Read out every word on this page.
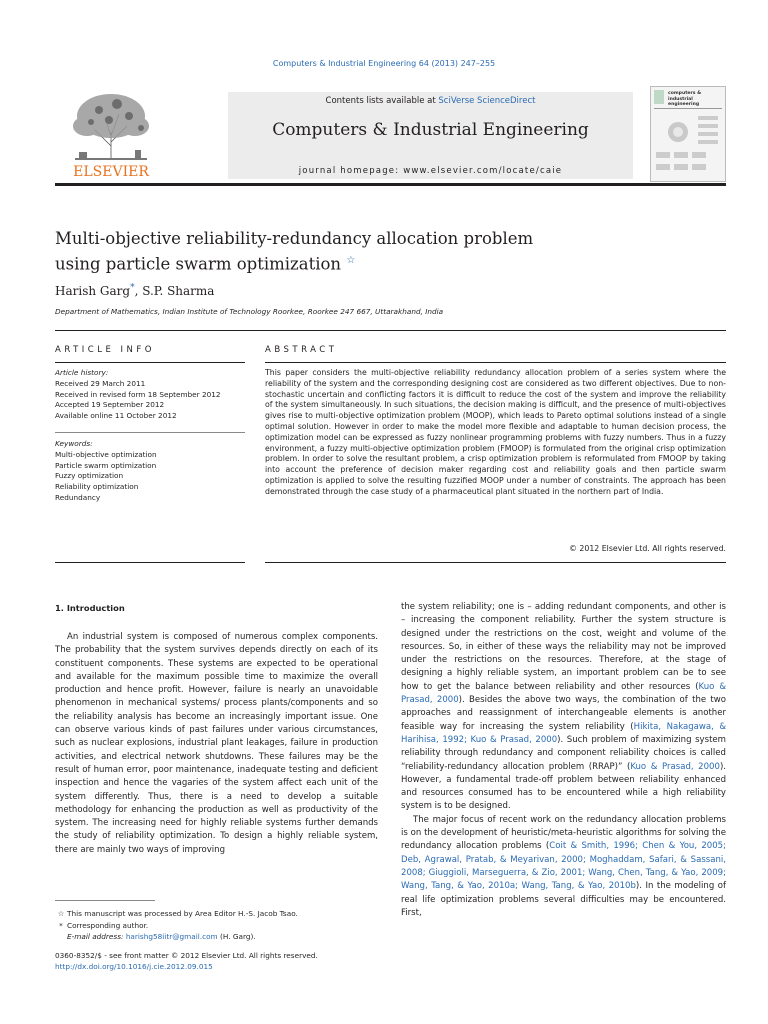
Computers & Industrial Engineering 64 (2013) 247–255
ELSEVIER
Contents lists available at SciVerse ScienceDirect
Computers & Industrial Engineering
journal homepage: www.elsevier.com/locate/caie
computers & industrial engineering
Multi-objective reliability-redundancy allocation problem
using particle swarm optimization ☆
Harish Garg*, S.P. Sharma
Department of Mathematics, Indian Institute of Technology Roorkee, Roorkee 247 667, Uttarakhand, India
ARTICLE INFO
Article history:
Received 29 March 2011
Received in revised form 18 September 2012
Accepted 19 September 2012
Available online 11 October 2012
Keywords:
Multi-objective optimization
Particle swarm optimization
Fuzzy optimization
Reliability optimization
Redundancy
ABSTRACT
This paper considers the multi-objective reliability redundancy allocation problem of a series system where the reliability of the system and the corresponding designing cost are considered as two different objectives. Due to non-stochastic uncertain and conflicting factors it is difficult to reduce the cost of the system and improve the reliability of the system simultaneously. In such situations, the decision making is difficult, and the presence of multi-objectives gives rise to multi-objective optimization problem (MOOP), which leads to Pareto optimal solutions instead of a single optimal solution. However in order to make the model more flexible and adaptable to human decision process, the optimization model can be expressed as fuzzy nonlinear programming problems with fuzzy numbers. Thus in a fuzzy environment, a fuzzy multi-objective optimization problem (FMOOP) is formulated from the original crisp optimization problem. In order to solve the resultant problem, a crisp optimization problem is reformulated from FMOOP by taking into account the preference of decision maker regarding cost and reliability goals and then particle swarm optimization is applied to solve the resulting fuzzified MOOP under a number of constraints. The approach has been demonstrated through the case study of a pharmaceutical plant situated in the northern part of India.
© 2012 Elsevier Ltd. All rights reserved.
1. Introduction

An industrial system is composed of numerous complex components. The probability that the system survives depends directly on each of its constituent components. These systems are expected to be operational and available for the maximum possible time to maximize the overall production and hence profit. However, failure is nearly an unavoidable phenomenon in mechanical systems/ process plants/components and so the reliability analysis has become an increasingly important issue. One can observe various kinds of past failures under various circumstances, such as nuclear explosions, industrial plant leakages, failure in production activities, and electrical network shutdowns. These failures may be the result of human error, poor maintenance, inadequate testing and deficient inspection and hence the vagaries of the system affect each unit of the system differently. Thus, there is a need to develop a suitable methodology for enhancing the production as well as productivity of the system. The increasing need for highly reliable systems further demands the study of reliability optimization. To design a highly reliable system, there are mainly two ways of improving

the system reliability; one is – adding redundant components, and other is – increasing the component reliability. Further the system structure is designed under the restrictions on the cost, weight and volume of the resources. So, in either of these ways the reliability may not be improved under the restrictions on the resources. Therefore, at the stage of designing a highly reliable system, an important problem can be to see how to get the balance between reliability and other resources (Kuo & Prasad, 2000). Besides the above two ways, the combination of the two approaches and reassignment of interchangeable elements is another feasible way for increasing the system reliability (Hikita, Nakagawa, & Harihisa, 1992; Kuo & Prasad, 2000). Such problem of maximizing system reliability through redundancy and component reliability choices is called “reliability-redundancy allocation problem (RRAP)” (Kuo & Prasad, 2000). However, a fundamental trade-off problem between reliability enhanced and resources consumed has to be encountered while a high reliability system is to be designed.

The major focus of recent work on the redundancy allocation problems is on the development of heuristic/meta-heuristic algorithms for solving the redundancy allocation problems (Coit & Smith, 1996; Chen & You, 2005; Deb, Agrawal, Pratab, & Meyarivan, 2000; Moghaddam, Safari, & Sassani, 2008; Giuggioli, Marseguerra, & Zio, 2001; Wang, Chen, Tang, & Yao, 2009; Wang, Tang, & Yao, 2010a; Wang, Tang, & Yao, 2010b). In the modeling of real life optimization problems several difficulties may be encountered. First,

☆ This manuscript was processed by Area Editor H.-S. Jacob Tsao.
* Corresponding author.
E-mail address: harishg58iitr@gmail.com (H. Garg).
0360-8352/$ - see front matter © 2012 Elsevier Ltd. All rights reserved.
http://dx.doi.org/10.1016/j.cie.2012.09.015
